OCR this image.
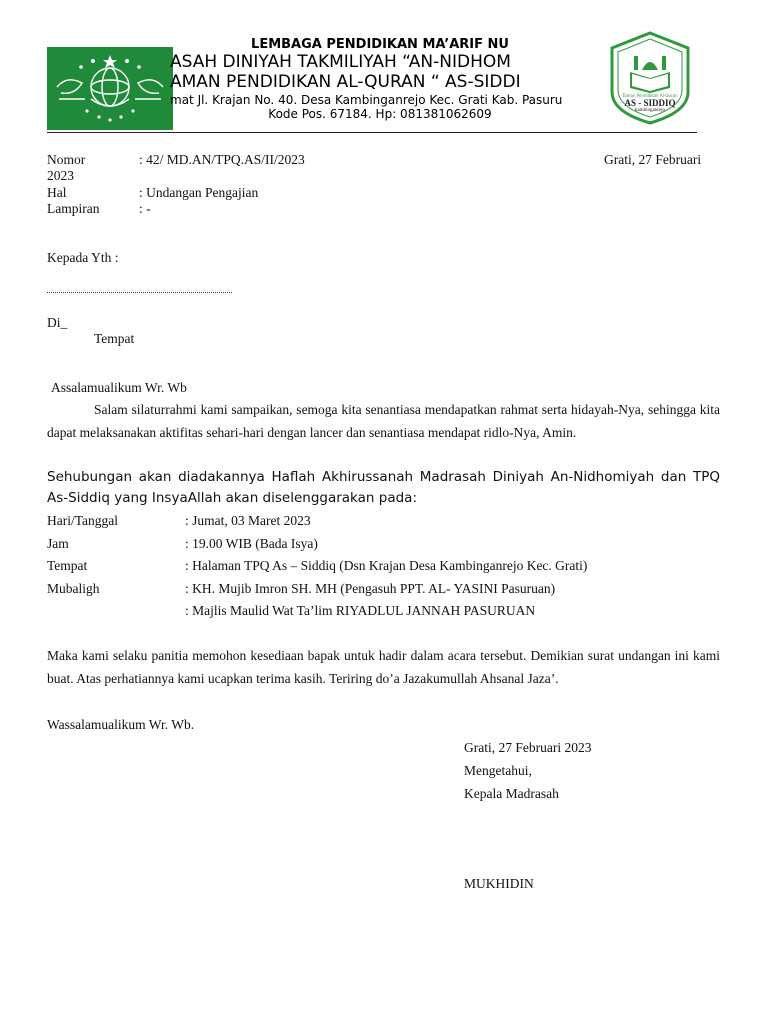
LEMBAGA PENDIDIKAN MA’ARIF NU
ASAH DINIYAH TAKMILIYAH “AN-NIDHOM
AMAN PENDIDIKAN AL-QURAN “ AS-SIDDI
mat Jl. Krajan No. 40. Desa Kambinganrejo Kec. Grati Kab. Pasuru
Kode Pos. 67184. Hp: 081381062609
Taman Pendidikan Al-Quran
AS - SIDDIQ
kambinganrejo
Nomor	: 42/ MD.AN/TPQ.AS/II/2023	Grati, 27 Februari
2023
Hal	: Undangan Pengajian
Lampiran	: -
Kepada Yth :
Di_
Tempat
Assalamualikum Wr. Wb
Salam silaturrahmi kami sampaikan, semoga kita senantiasa mendapatkan rahmat serta hidayah-Nya, sehingga kita dapat melaksanakan aktifitas sehari-hari dengan lancer dan senantiasa mendapat ridlo-Nya, Amin.
Sehubungan akan diadakannya Haflah Akhirussanah Madrasah Diniyah An-Nidhomiyah dan TPQ As-Siddiq yang InsyaAllah akan diselenggarakan pada:
Hari/Tanggal	: Jumat, 03 Maret 2023
Jam	: 19.00 WIB (Bada Isya)
Tempat	: Halaman TPQ As – Siddiq (Dsn Krajan Desa Kambinganrejo Kec. Grati)
Mubaligh	: KH. Mujib Imron SH. MH (Pengasuh PPT. AL- YASINI Pasuruan)
: Majlis Maulid Wat Ta’lim RIYADLUL JANNAH PASURUAN
Maka kami selaku panitia memohon kesediaan bapak untuk hadir dalam acara tersebut. Demikian surat undangan ini kami buat. Atas perhatiannya kami ucapkan terima kasih. Teriring do’a Jazakumullah Ahsanal Jaza’.
Wassalamualikum Wr. Wb.
Grati, 27 Februari 2023
Mengetahui,
Kepala Madrasah
MUKHIDIN
